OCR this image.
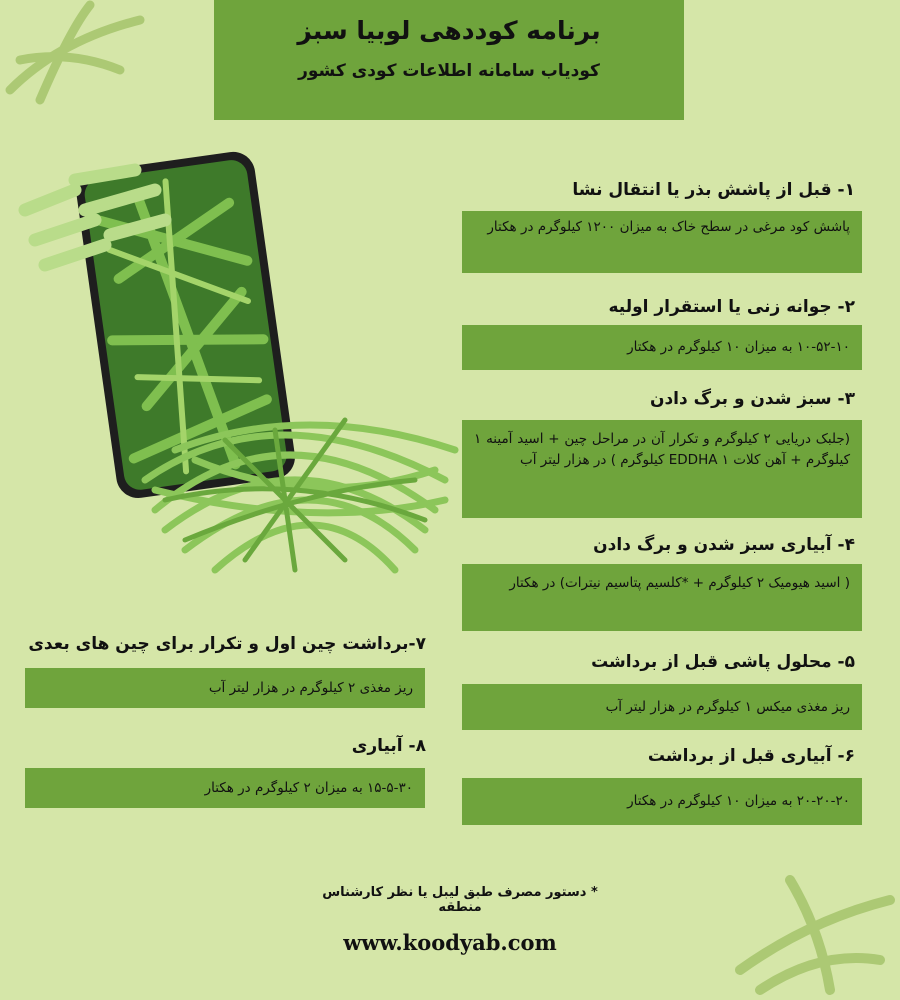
برنامه کوددهی لوبیا سبز
کودیاب سامانه اطلاعات کودی کشور
۱- قبل از پاشش بذر یا انتقال نشا
پاشش کود مرغی در سطح خاک به میزان ۱۲۰۰ کیلوگرم در هکتار
۲- جوانه زنی یا استقرار اولیه
۱۰-۵۲-۱۰ به میزان ۱۰ کیلوگرم در هکتار
۳- سبز شدن و برگ دادن
(جلبک دریایی ۲ کیلوگرم و تکرار آن در مراحل چین + اسید آمینه ۱ کیلوگرم + آهن کلات EDDHA ۱ کیلوگرم ) در هزار لیتر آب
۴- آبیاری سبز شدن و برگ دادن
( اسید هیومیک ۲ کیلوگرم + *کلسیم پتاسیم نیترات) در هکتار
۵- محلول پاشی قبل از برداشت
ریز مغذی میکس ۱ کیلوگرم در هزار لیتر آب
۶- آبیاری قبل از برداشت
۲۰-۲۰-۲۰ به میزان ۱۰ کیلوگرم در هکتار
۷-برداشت چین اول و تکرار برای چین های بعدی
ریز مغذی ۲ کیلوگرم در هزار لیتر آب
۸- آبیاری
۱۵-۵-۳۰ به میزان ۲ کیلوگرم در هکتار
* دستور مصرف طبق لیبل یا نظر کارشناس منطقه
www.koodyab.com
